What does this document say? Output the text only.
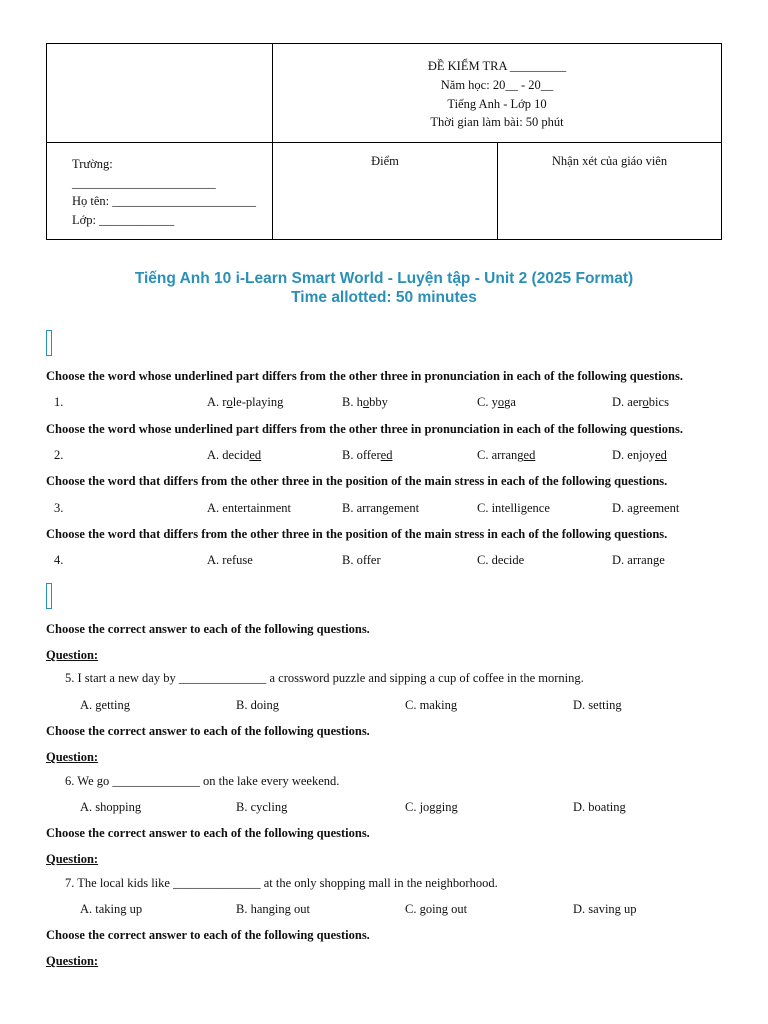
ĐỀ KIỂM TRA _________
Năm học: 20__ - 20__
Tiếng Anh - Lớp 10
Thời gian làm bài: 50 phút
Trường:
_______________________
Họ tên: _______________________
Lớp: ____________
Điểm	Nhận xét của giáo viên
Tiếng Anh 10 i-Learn Smart World - Luyện tập - Unit 2 (2025 Format)
Time allotted: 50 minutes
Choose the word whose underlined part differs from the other three in pronunciation in each of the following questions.
1.	A. role-playing	B. hobby	C. yoga	D. aerobics
Choose the word whose underlined part differs from the other three in pronunciation in each of the following questions.
2.	A. decided	B. offered	C. arranged	D. enjoyed
Choose the word that differs from the other three in the position of the main stress in each of the following questions.
3.	A. entertainment	B. arrangement	C. intelligence	D. agreement
Choose the word that differs from the other three in the position of the main stress in each of the following questions.
4.	A. refuse	B. offer	C. decide	D. arrange
Choose the correct answer to each of the following questions.
Question:
5. I start a new day by ______________ a crossword puzzle and sipping a cup of coffee in the morning.
A. getting	B. doing	C. making	D. setting
Choose the correct answer to each of the following questions.
Question:
6. We go ______________ on the lake every weekend.
A. shopping	B. cycling	C. jogging	D. boating
Choose the correct answer to each of the following questions.
Question:
7. The local kids like ______________ at the only shopping mall in the neighborhood.
A. taking up	B. hanging out	C. going out	D. saving up
Choose the correct answer to each of the following questions.
Question:
